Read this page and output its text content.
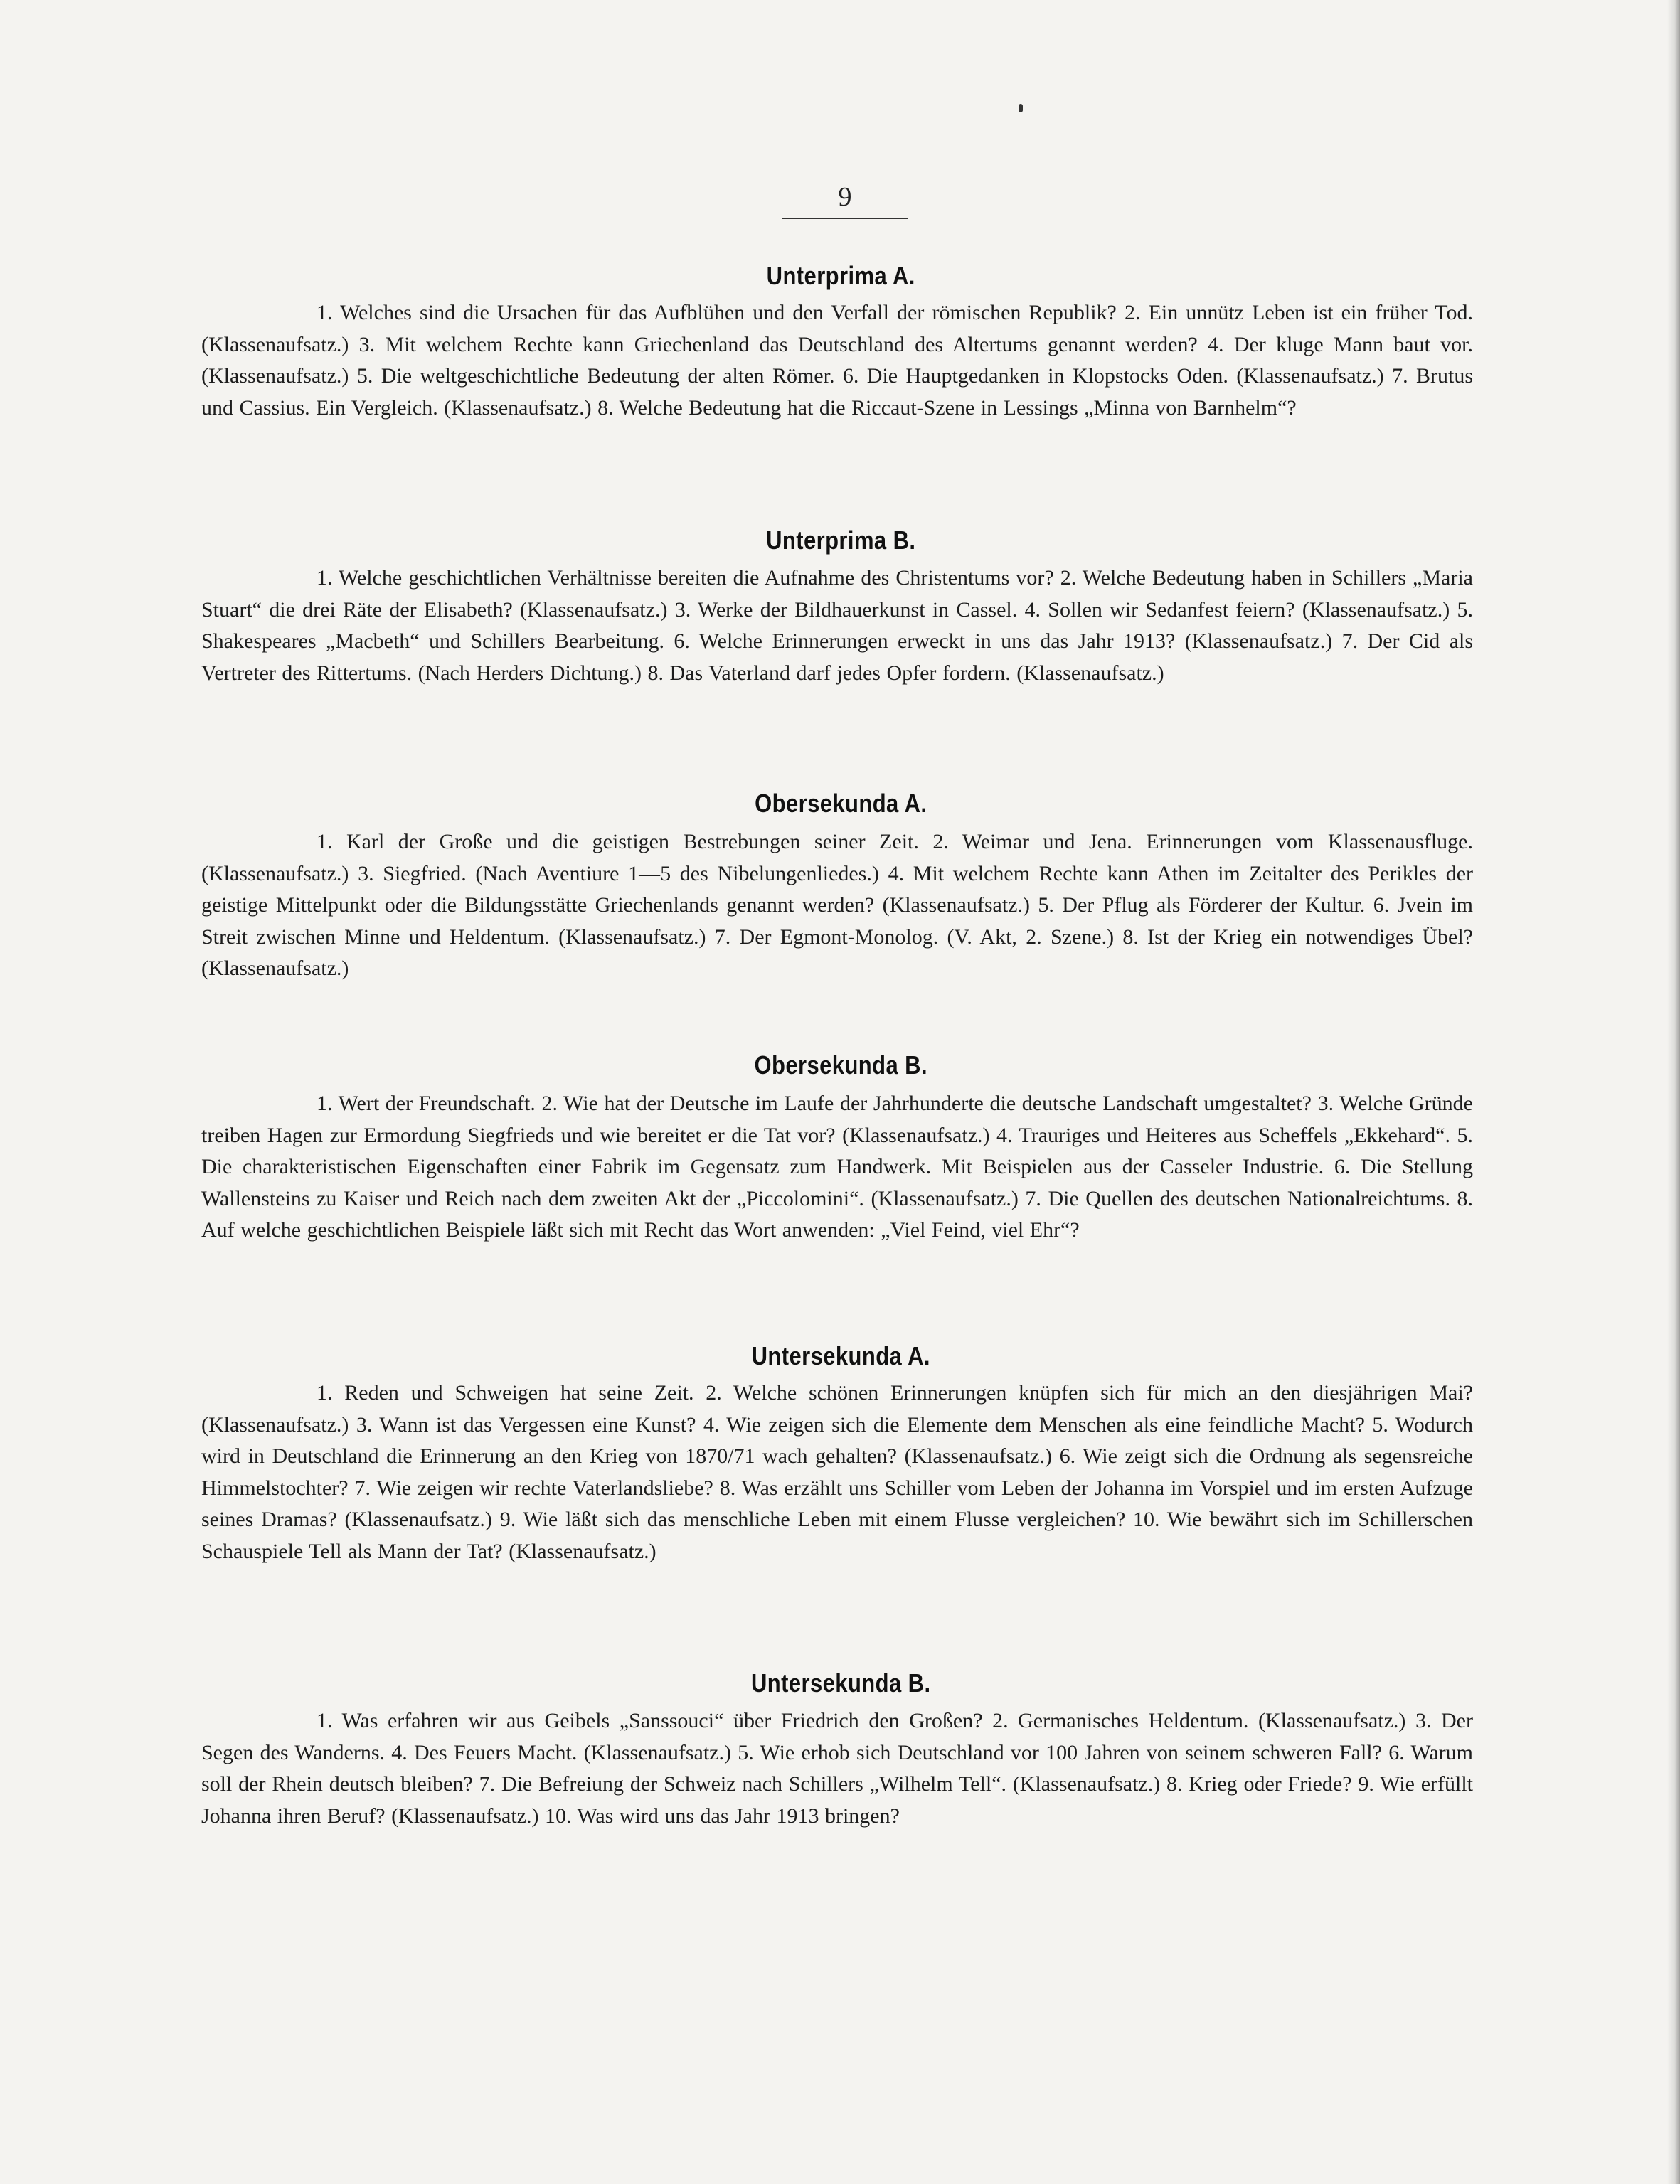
9
Unterprima A.

1. Welches sind die Ursachen für das Aufblühen und den Verfall der römischen Republik? 2. Ein unnütz Leben ist ein früher Tod. (Klassenaufsatz.) 3. Mit welchem Rechte kann Griechenland das Deutschland des Altertums genannt werden? 4. Der kluge Mann baut vor. (Klassenaufsatz.) 5. Die weltgeschichtliche Bedeutung der alten Römer. 6. Die Hauptgedanken in Klopstocks Oden. (Klassenaufsatz.) 7. Brutus und Cassius. Ein Vergleich. (Klassenaufsatz.) 8. Welche Bedeutung hat die Riccaut-Szene in Lessings „Minna von Barnhelm“?

Unterprima B.

1. Welche geschichtlichen Verhältnisse bereiten die Aufnahme des Christentums vor? 2. Welche Bedeutung haben in Schillers „Maria Stuart“ die drei Räte der Elisabeth? (Klassenaufsatz.) 3. Werke der Bildhauerkunst in Cassel. 4. Sollen wir Sedanfest feiern? (Klassenaufsatz.) 5. Shakespeares „Macbeth“ und Schillers Bearbeitung. 6. Welche Erinnerungen erweckt in uns das Jahr 1913? (Klassenaufsatz.) 7. Der Cid als Vertreter des Rittertums. (Nach Herders Dichtung.) 8. Das Vaterland darf jedes Opfer fordern. (Klassenaufsatz.)

Obersekunda A.

1. Karl der Große und die geistigen Bestrebungen seiner Zeit. 2. Weimar und Jena. Erinnerungen vom Klassenausfluge. (Klassenaufsatz.) 3. Siegfried. (Nach Aventiure 1—5 des Nibelungenliedes.) 4. Mit welchem Rechte kann Athen im Zeitalter des Perikles der geistige Mittelpunkt oder die Bildungsstätte Griechenlands genannt werden? (Klassenaufsatz.) 5. Der Pflug als Förderer der Kultur. 6. Jvein im Streit zwischen Minne und Heldentum. (Klassenaufsatz.) 7. Der Egmont-Monolog. (V. Akt, 2. Szene.) 8. Ist der Krieg ein notwendiges Übel? (Klassenaufsatz.)

Obersekunda B.

1. Wert der Freundschaft. 2. Wie hat der Deutsche im Laufe der Jahrhunderte die deutsche Landschaft umgestaltet? 3. Welche Gründe treiben Hagen zur Ermordung Siegfrieds und wie bereitet er die Tat vor? (Klassenaufsatz.) 4. Trauriges und Heiteres aus Scheffels „Ekkehard“. 5. Die charakteristischen Eigenschaften einer Fabrik im Gegensatz zum Handwerk. Mit Beispielen aus der Casseler Industrie. 6. Die Stellung Wallensteins zu Kaiser und Reich nach dem zweiten Akt der „Piccolomini“. (Klassenaufsatz.) 7. Die Quellen des deutschen Nationalreichtums. 8. Auf welche geschichtlichen Beispiele läßt sich mit Recht das Wort anwenden: „Viel Feind, viel Ehr“?

Untersekunda A.

1. Reden und Schweigen hat seine Zeit. 2. Welche schönen Erinnerungen knüpfen sich für mich an den diesjährigen Mai? (Klassenaufsatz.) 3. Wann ist das Vergessen eine Kunst? 4. Wie zeigen sich die Elemente dem Menschen als eine feindliche Macht? 5. Wodurch wird in Deutschland die Erinnerung an den Krieg von 1870/71 wach gehalten? (Klassenaufsatz.) 6. Wie zeigt sich die Ordnung als segensreiche Himmelstochter? 7. Wie zeigen wir rechte Vaterlandsliebe? 8. Was erzählt uns Schiller vom Leben der Johanna im Vorspiel und im ersten Aufzuge seines Dramas? (Klassenaufsatz.) 9. Wie läßt sich das menschliche Leben mit einem Flusse vergleichen? 10. Wie bewährt sich im Schillerschen Schauspiele Tell als Mann der Tat? (Klassenaufsatz.)

Untersekunda B.

1. Was erfahren wir aus Geibels „Sanssouci“ über Friedrich den Großen? 2. Germanisches Heldentum. (Klassenaufsatz.) 3. Der Segen des Wanderns. 4. Des Feuers Macht. (Klassenaufsatz.) 5. Wie erhob sich Deutschland vor 100 Jahren von seinem schweren Fall? 6. Warum soll der Rhein deutsch bleiben? 7. Die Befreiung der Schweiz nach Schillers „Wilhelm Tell“. (Klassenaufsatz.) 8. Krieg oder Friede? 9. Wie erfüllt Johanna ihren Beruf? (Klassenaufsatz.) 10. Was wird uns das Jahr 1913 bringen?
